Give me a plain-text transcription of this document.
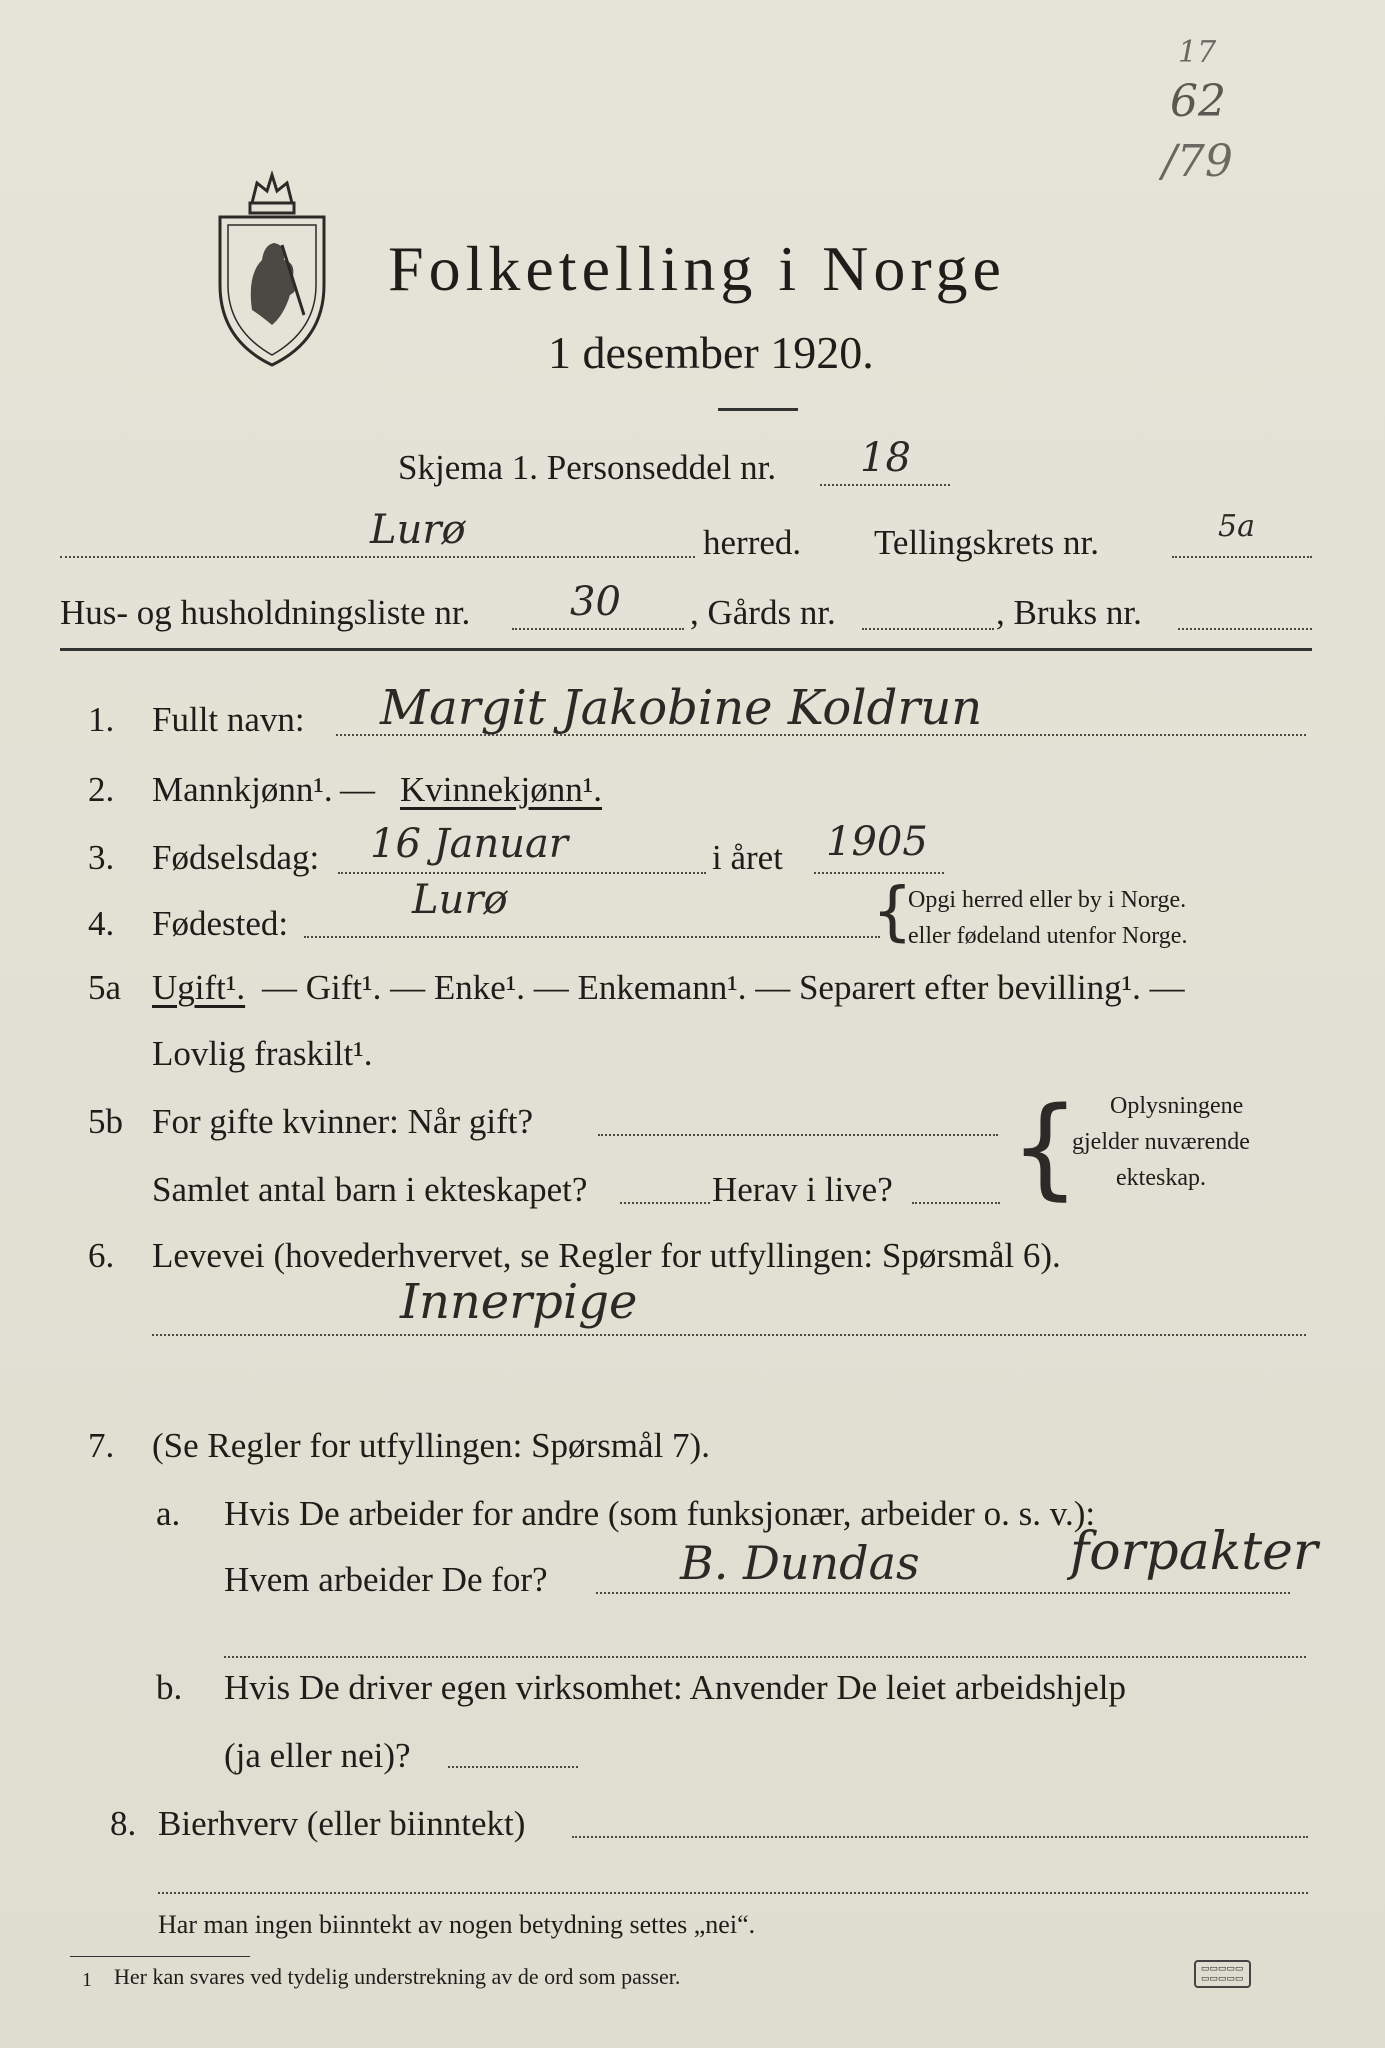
17
62
/79
Folketelling i Norge
1 desember 1920.
Skjema 1. Personseddel nr. 18
Lurø	herred. Tellingskrets nr.	5a
Hus- og husholdningsliste nr. 30 , Gårds nr.	, Bruks nr.
1. Fullt navn: Margit Jakobine Koldrun
2. Mannkjønn¹. — Kvinnekjønn¹.
3. Fødselsdag: 16 Januar	i året 1905
4. Fødested:
Lurø	{
Opgi herred eller by i Norge.
eller fødeland utenfor Norge.
5a Ugift¹. — Gift¹. — Enke¹. — Enkemann¹. — Separert efter bevilling¹. —
Lovlig fraskilt¹.
5b For gifte kvinner: Når gift?
Samlet antal barn i ekteskapet?	Herav i live? { Oplysningene
gjelder nuværende
ekteskap.
6. Levevei (hovederhvervet, se Regler for utfyllingen: Spørsmål 6).
Innerpige
7. (Se Regler for utfyllingen: Spørsmål 7).
a. Hvis De arbeider for andre (som funksjonær, arbeider o. s. v.):
Hvem arbeider De for?	B. Dundas	forpakter
b. Hvis De driver egen virksomhet: Anvender De leiet arbeidshjelp
(ja eller nei)?
8. Bierhverv (eller biinntekt)
Har man ingen biinntekt av nogen betydning settes „nei“.
1 Her kan svares ved tydelig understrekning av de ord som passer.	▭▭▭▭▭
▭▭▭▭▭
